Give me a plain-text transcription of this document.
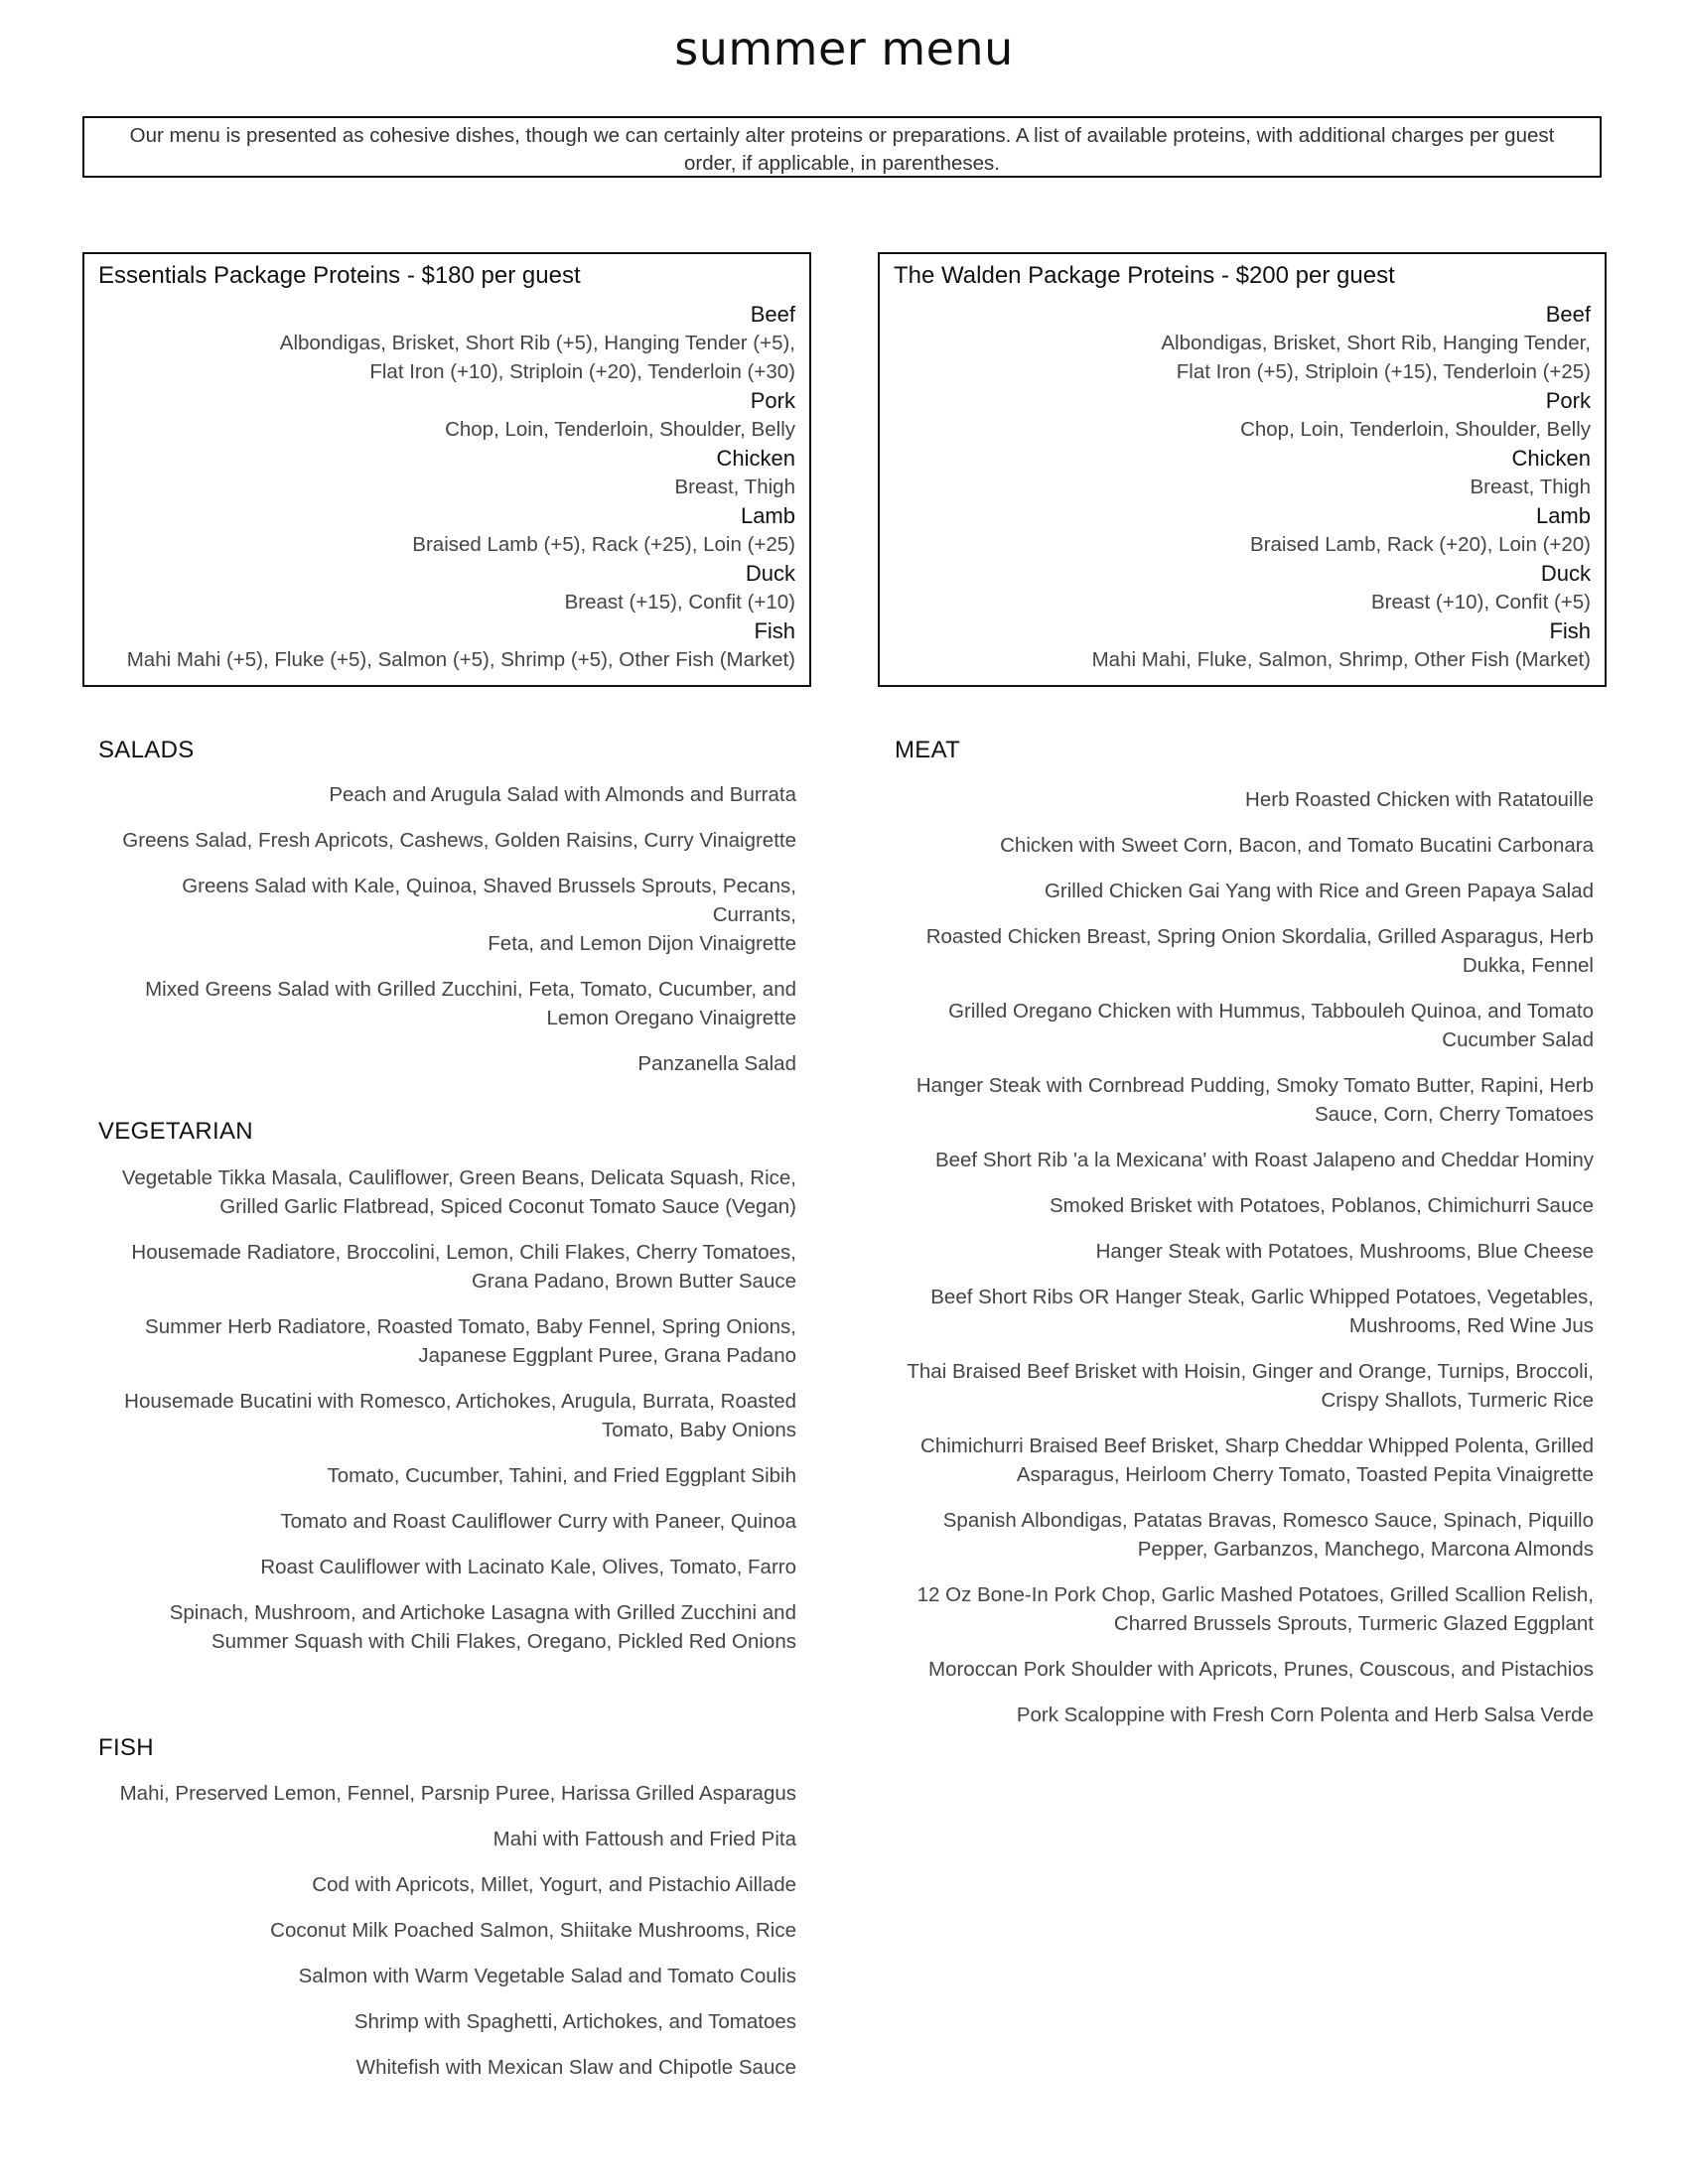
summer menu
Our menu is presented as cohesive dishes, though we can certainly alter proteins or preparations. A list of available proteins, with additional charges per guest order, if applicable, in parentheses.
Essentials Package Proteins - $180 per guest
Beef
Albondigas, Brisket, Short Rib (+5), Hanging Tender (+5),
Flat Iron (+10), Striploin (+20), Tenderloin (+30)
Pork
Chop, Loin, Tenderloin, Shoulder, Belly
Chicken
Breast, Thigh
Lamb
Braised Lamb (+5), Rack (+25), Loin (+25)
Duck
Breast (+15), Confit (+10)
Fish
Mahi Mahi (+5), Fluke (+5), Salmon (+5), Shrimp (+5), Other Fish (Market)
The Walden Package Proteins - $200 per guest
Beef
Albondigas, Brisket, Short Rib, Hanging Tender,
Flat Iron (+5), Striploin (+15), Tenderloin (+25)
Pork
Chop, Loin, Tenderloin, Shoulder, Belly
Chicken
Breast, Thigh
Lamb
Braised Lamb, Rack (+20), Loin (+20)
Duck
Breast (+10), Confit (+5)
Fish
Mahi Mahi, Fluke, Salmon, Shrimp, Other Fish (Market)
SALADS
Peach and Arugula Salad with Almonds and Burrata
Greens Salad, Fresh Apricots, Cashews, Golden Raisins, Curry Vinaigrette
Greens Salad with Kale, Quinoa, Shaved Brussels Sprouts, Pecans, Currants,
Feta, and Lemon Dijon Vinaigrette
Mixed Greens Salad with Grilled Zucchini, Feta, Tomato, Cucumber, and
Lemon Oregano Vinaigrette
Panzanella Salad
VEGETARIAN
Vegetable Tikka Masala, Cauliflower, Green Beans, Delicata Squash, Rice,
Grilled Garlic Flatbread, Spiced Coconut Tomato Sauce (Vegan)
Housemade Radiatore, Broccolini, Lemon, Chili Flakes, Cherry Tomatoes,
Grana Padano, Brown Butter Sauce
Summer Herb Radiatore, Roasted Tomato, Baby Fennel, Spring Onions,
Japanese Eggplant Puree, Grana Padano
Housemade Bucatini with Romesco, Artichokes, Arugula, Burrata, Roasted
Tomato, Baby Onions
Tomato, Cucumber, Tahini, and Fried Eggplant Sibih
Tomato and Roast Cauliflower Curry with Paneer, Quinoa
Roast Cauliflower with Lacinato Kale, Olives, Tomato, Farro
Spinach, Mushroom, and Artichoke Lasagna with Grilled Zucchini and
Summer Squash with Chili Flakes, Oregano, Pickled Red Onions
FISH
Mahi, Preserved Lemon, Fennel, Parsnip Puree, Harissa Grilled Asparagus
Mahi with Fattoush and Fried Pita
Cod with Apricots, Millet, Yogurt, and Pistachio Aillade
Coconut Milk Poached Salmon, Shiitake Mushrooms, Rice
Salmon with Warm Vegetable Salad and Tomato Coulis
Shrimp with Spaghetti, Artichokes, and Tomatoes
Whitefish with Mexican Slaw and Chipotle Sauce
MEAT
Herb Roasted Chicken with Ratatouille
Chicken with Sweet Corn, Bacon, and Tomato Bucatini Carbonara
Grilled Chicken Gai Yang with Rice and Green Papaya Salad
Roasted Chicken Breast, Spring Onion Skordalia, Grilled Asparagus, Herb
Dukka, Fennel
Grilled Oregano Chicken with Hummus, Tabbouleh Quinoa, and Tomato
Cucumber Salad
Hanger Steak with Cornbread Pudding, Smoky Tomato Butter, Rapini, Herb
Sauce, Corn, Cherry Tomatoes
Beef Short Rib 'a la Mexicana' with Roast Jalapeno and Cheddar Hominy
Smoked Brisket with Potatoes, Poblanos, Chimichurri Sauce
Hanger Steak with Potatoes, Mushrooms, Blue Cheese
Beef Short Ribs OR Hanger Steak, Garlic Whipped Potatoes, Vegetables,
Mushrooms, Red Wine Jus
Thai Braised Beef Brisket with Hoisin, Ginger and Orange, Turnips, Broccoli,
Crispy Shallots, Turmeric Rice
Chimichurri Braised Beef Brisket, Sharp Cheddar Whipped Polenta, Grilled
Asparagus, Heirloom Cherry Tomato, Toasted Pepita Vinaigrette
Spanish Albondigas, Patatas Bravas, Romesco Sauce, Spinach, Piquillo
Pepper, Garbanzos, Manchego, Marcona Almonds
12 Oz Bone-In Pork Chop, Garlic Mashed Potatoes, Grilled Scallion Relish,
Charred Brussels Sprouts, Turmeric Glazed Eggplant
Moroccan Pork Shoulder with Apricots, Prunes, Couscous, and Pistachios
Pork Scaloppine with Fresh Corn Polenta and Herb Salsa Verde
